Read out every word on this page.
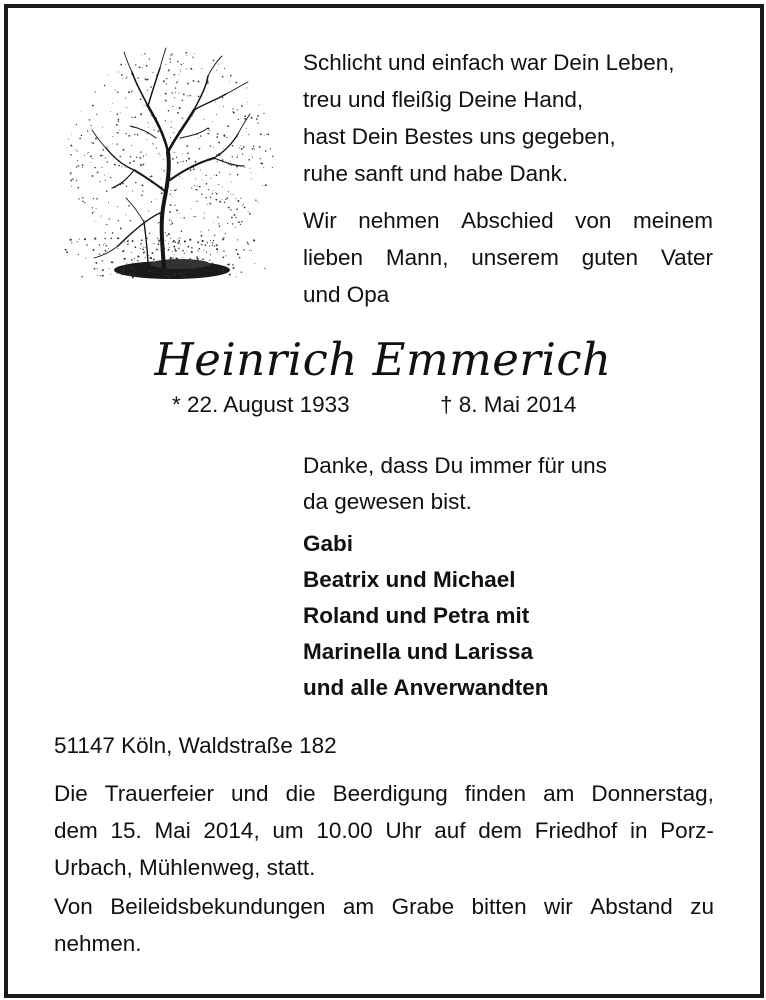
Schlicht und einfach war Dein Leben,
treu und fleißig Deine Hand,
hast Dein Bestes uns gegeben,
ruhe sanft und habe Dank.

Wir nehmen Abschied von meinem
lieben Mann, unserem guten Vater
und Opa

Heinrich Emmerich
* 22. August 1933	† 8. Mai 2014
Danke, dass Du immer für uns
da gewesen bist.
Gabi
Beatrix und Michael
Roland und Petra mit
Marinella und Larissa
und alle Anverwandten
51147 Köln, Waldstraße 182
Die Trauerfeier und die Beerdigung finden am Donnerstag,
dem 15. Mai 2014, um 10.00 Uhr auf dem Friedhof in Porz-
Urbach, Mühlenweg, statt.
Von Beileidsbekundungen am Grabe bitten wir Abstand zu
nehmen.
